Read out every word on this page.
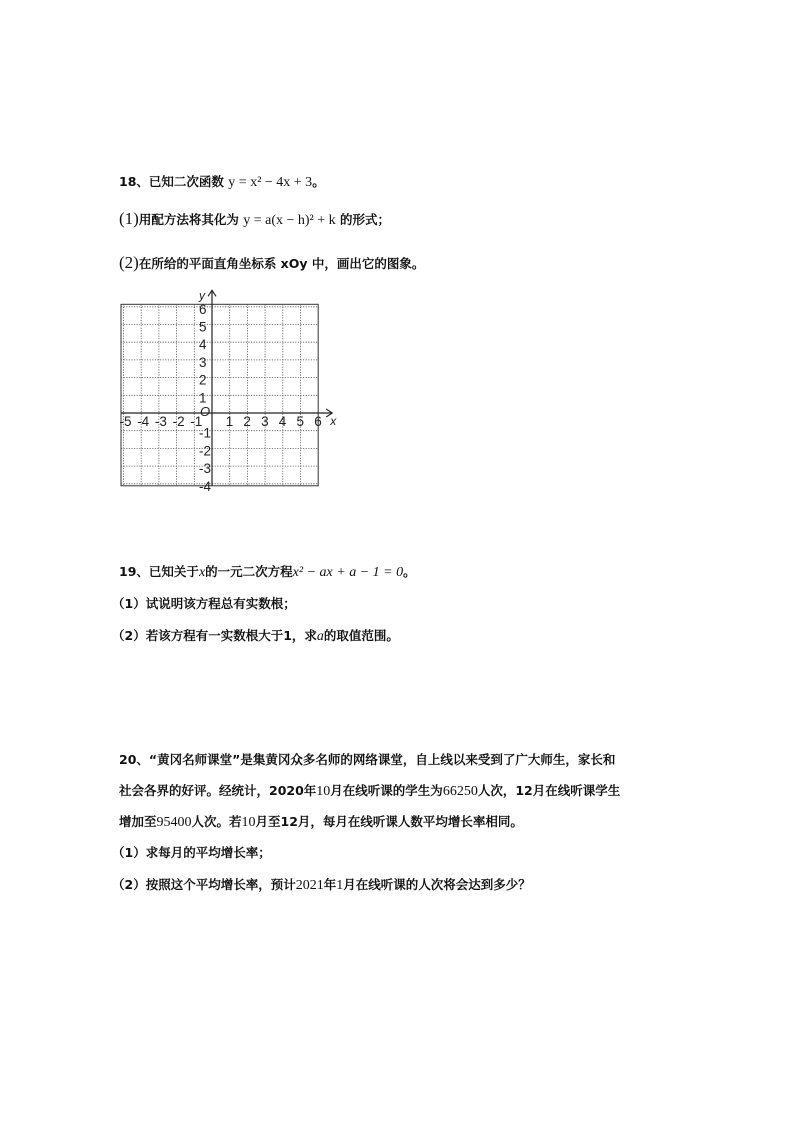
18、已知二次函数 y = x² − 4x + 3。
(1)用配方法将其化为 y = a(x − h)² + k 的形式；
(2)在所给的平面直角坐标系 xOy 中，画出它的图象。
x
y
O
-5 -4 -3 -2 -1 1 2 3 4 5 6
6
5
4
3
2
1
-1
-2
-3
-4
19、已知关于x的一元二次方程x² − ax + a − 1 = 0。
（1）试说明该方程总有实数根；
（2）若该方程有一实数根大于1，求a的取值范围。
20、“黄冈名师课堂”是集黄冈众多名师的网络课堂，自上线以来受到了广大师生，家长和
社会各界的好评。经统计，2020年10月在线听课的学生为66250人次，12月在线听课学生
增加至95400人次。若10月至12月，每月在线听课人数平均增长率相同。
（1）求每月的平均增长率；
（2）按照这个平均增长率，预计2021年1月在线听课的人次将会达到多少？
